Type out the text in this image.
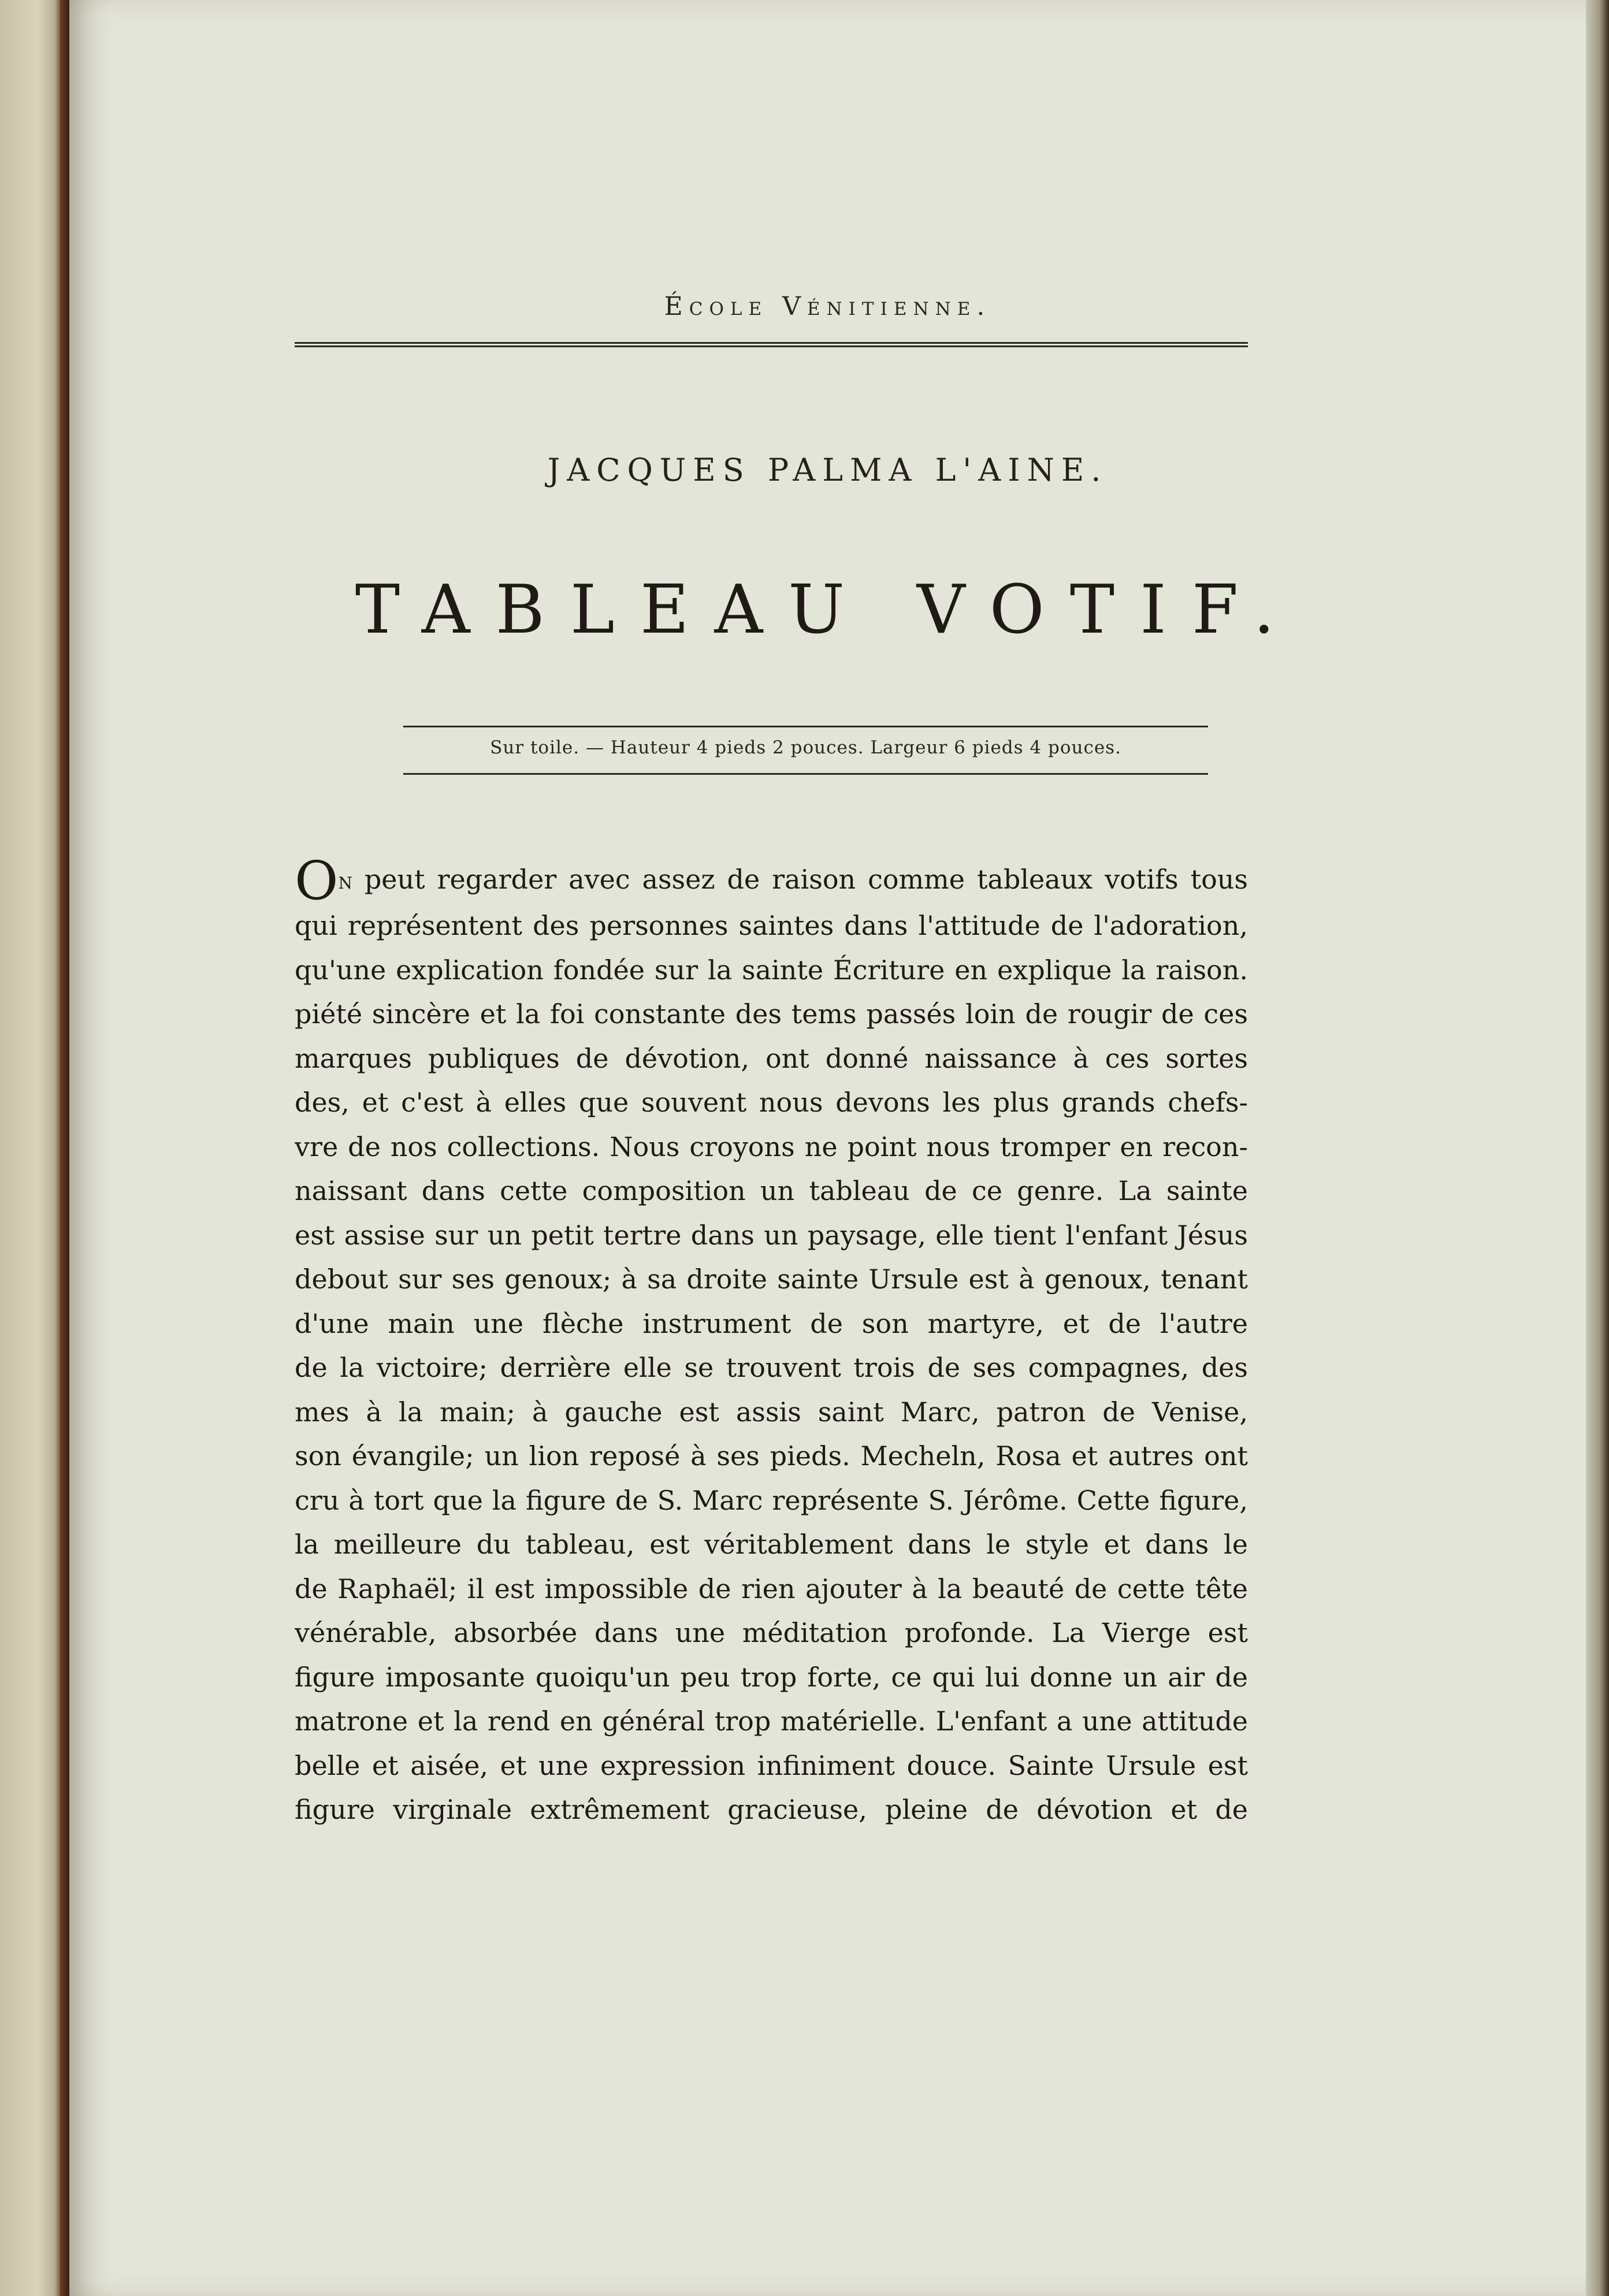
École Vénitienne.
JACQUES PALMA L'AINE.
TABLEAU VOTIF.
Sur toile. — Hauteur 4 pieds 2 pouces. Largeur 6 pieds 4 pouces.
On peut regarder avec assez de raison comme tableaux votifs tous
qui représentent des personnes saintes dans l'attitude de l'adoration,
qu'une explication fondée sur la sainte Écriture en explique la raison.
piété sincère et la foi constante des tems passés loin de rougir de ces
marques publiques de dévotion, ont donné naissance à ces sortes
des, et c'est à elles que souvent nous devons les plus grands chefs-
vre de nos collections. Nous croyons ne point nous tromper en recon-
naissant dans cette composition un tableau de ce genre. La sainte
est assise sur un petit tertre dans un paysage, elle tient l'enfant Jésus
debout sur ses genoux; à sa droite sainte Ursule est à genoux, tenant
d'une main une flèche instrument de son martyre, et de l'autre
de la victoire; derrière elle se trouvent trois de ses compagnes, des
mes à la main; à gauche est assis saint Marc, patron de Venise,
son évangile; un lion reposé à ses pieds. Mecheln, Rosa et autres ont
cru à tort que la figure de S. Marc représente S. Jérôme. Cette figure,
la meilleure du tableau, est véritablement dans le style et dans le
de Raphaël; il est impossible de rien ajouter à la beauté de cette tête
vénérable, absorbée dans une méditation profonde. La Vierge est
figure imposante quoiqu'un peu trop forte, ce qui lui donne un air de
matrone et la rend en général trop matérielle. L'enfant a une attitude
belle et aisée, et une expression infiniment douce. Sainte Ursule est
figure virginale extrêmement gracieuse, pleine de dévotion et de
